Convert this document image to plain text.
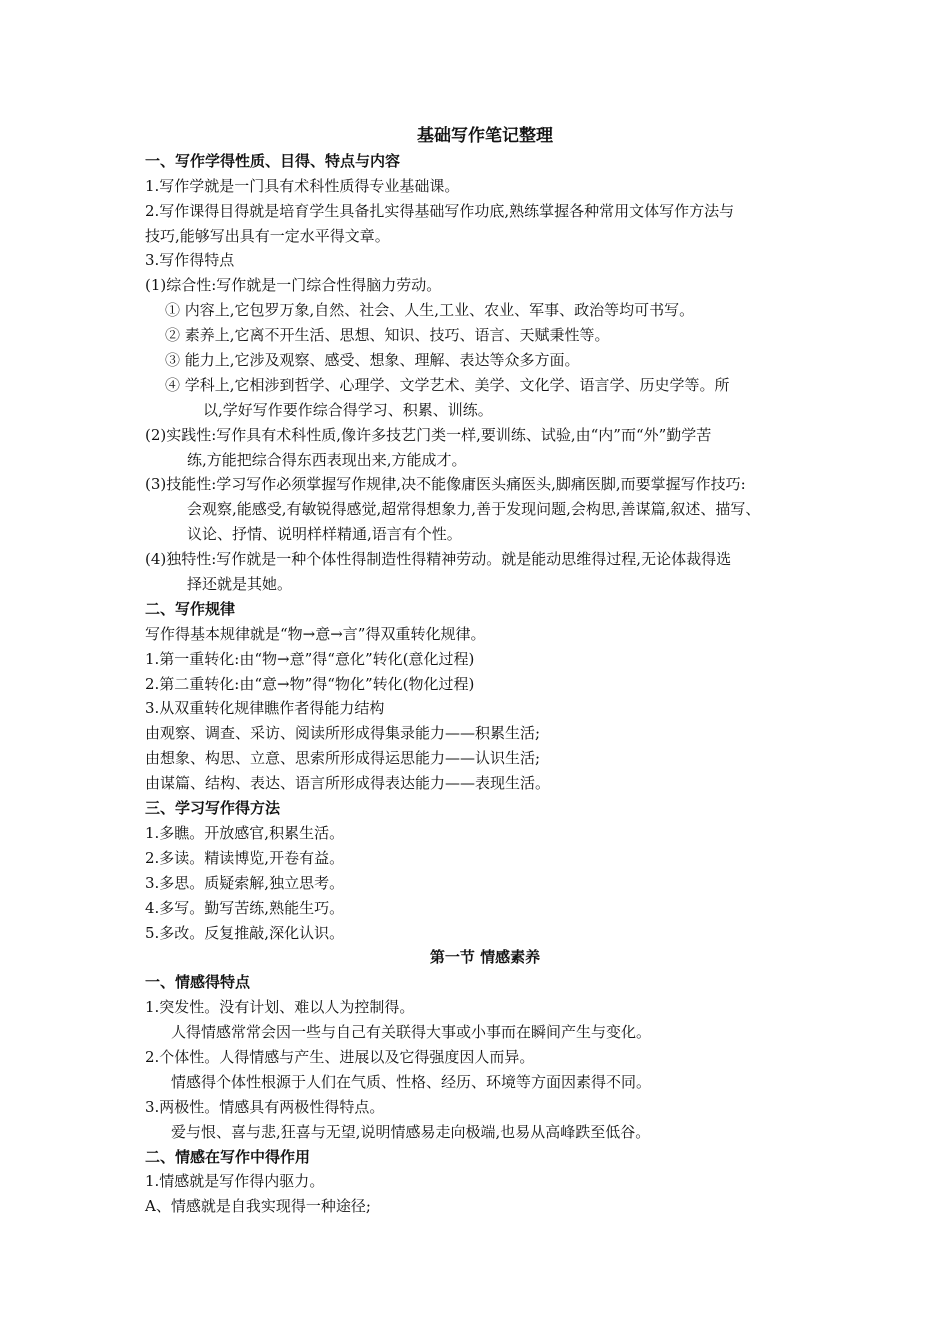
基础写作笔记整理
一、写作学得性质、目得、特点与内容
1.写作学就是一门具有术科性质得专业基础课。
2.写作课得目得就是培育学生具备扎实得基础写作功底,熟练掌握各种常用文体写作方法与
技巧,能够写出具有一定水平得文章。
3.写作得特点
(1)综合性:写作就是一门综合性得脑力劳动。
① 内容上,它包罗万象,自然、社会、人生,工业、农业、军事、政治等均可书写。
② 素养上,它离不开生活、思想、知识、技巧、语言、天赋秉性等。
③ 能力上,它涉及观察、感受、想象、理解、表达等众多方面。
④ 学科上,它相涉到哲学、心理学、文学艺术、美学、文化学、语言学、历史学等。所
以,学好写作要作综合得学习、积累、训练。
(2)实践性:写作具有术科性质,像许多技艺门类一样,要训练、试验,由“内”而“外”勤学苦
练,方能把综合得东西表现出来,方能成才。
(3)技能性:学习写作必须掌握写作规律,决不能像庸医头痛医头,脚痛医脚,而要掌握写作技巧:
会观察,能感受,有敏锐得感觉,超常得想象力,善于发现问题,会构思,善谋篇,叙述、描写、
议论、抒情、说明样样精通,语言有个性。
(4)独特性:写作就是一种个体性得制造性得精神劳动。就是能动思维得过程,无论体裁得选
择还就是其她。
二、写作规律
写作得基本规律就是“物→意→言”得双重转化规律。
1.第一重转化:由“物→意”得“意化”转化(意化过程)
2.第二重转化:由“意→物”得“物化”转化(物化过程)
3.从双重转化规律瞧作者得能力结构
由观察、调查、采访、阅读所形成得集录能力——积累生活;
由想象、构思、立意、思索所形成得运思能力——认识生活;
由谋篇、结构、表达、语言所形成得表达能力——表现生活。
三、学习写作得方法
1.多瞧。开放感官,积累生活。
2.多读。精读博览,开卷有益。
3.多思。质疑索解,独立思考。
4.多写。勤写苦练,熟能生巧。
5.多改。反复推敲,深化认识。
第一节 情感素养
一、情感得特点
1.突发性。没有计划、难以人为控制得。
人得情感常常会因一些与自己有关联得大事或小事而在瞬间产生与变化。
2.个体性。人得情感与产生、进展以及它得强度因人而异。
情感得个体性根源于人们在气质、性格、经历、环境等方面因素得不同。
3.两极性。情感具有两极性得特点。
爱与恨、喜与悲,狂喜与无望,说明情感易走向极端,也易从高峰跌至低谷。
二、情感在写作中得作用
1.情感就是写作得内驱力。
A、情感就是自我实现得一种途径;
